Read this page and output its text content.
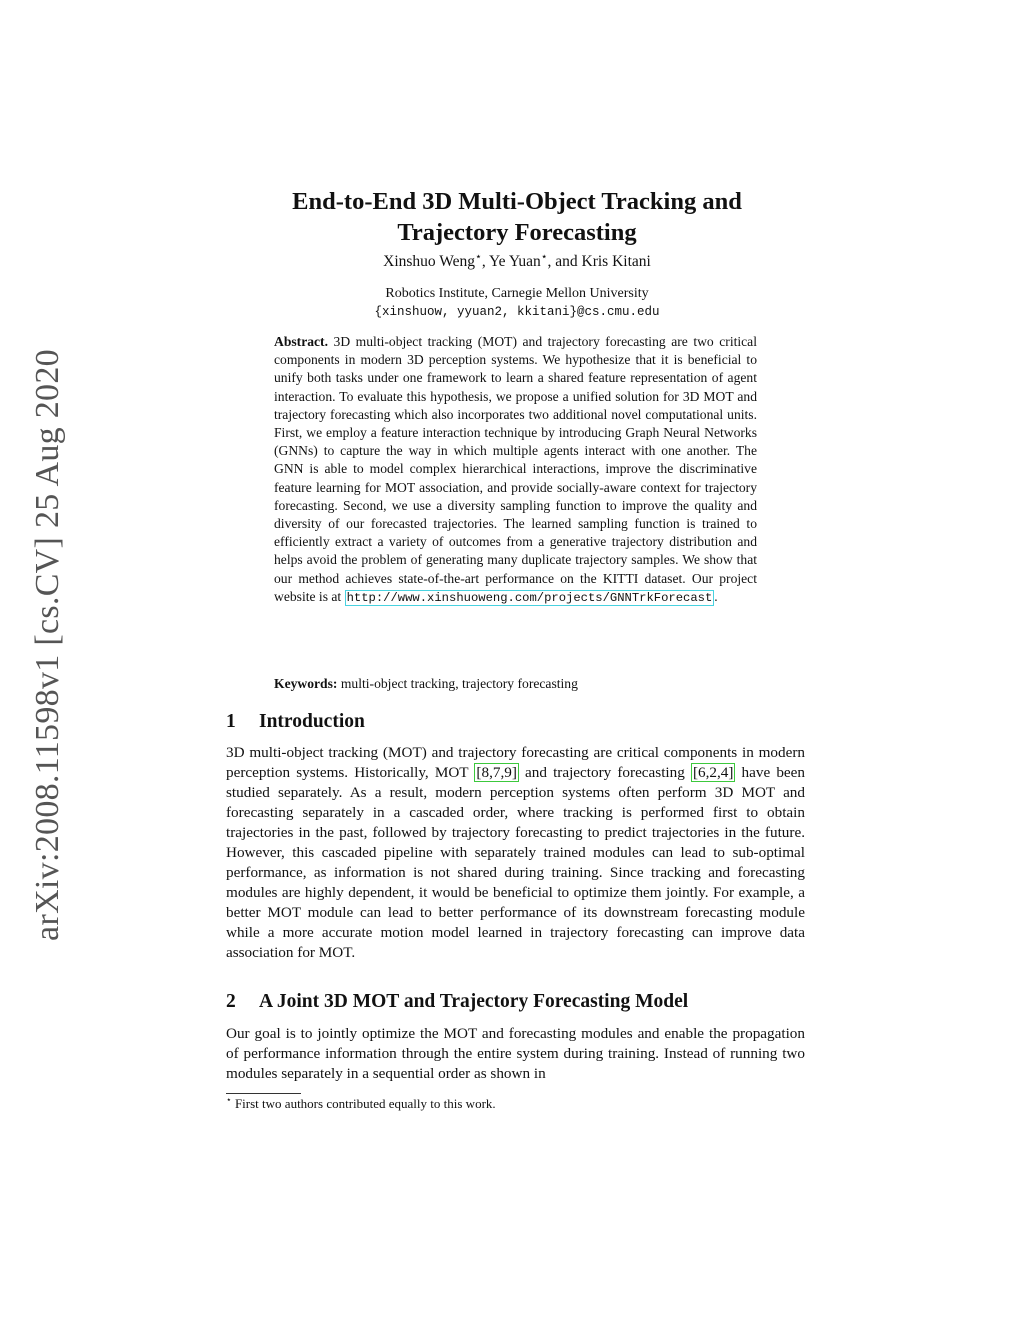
arXiv:2008.11598v1 [cs.CV] 25 Aug 2020
End-to-End 3D Multi-Object Tracking and
Trajectory Forecasting
Xinshuo Weng⋆, Ye Yuan⋆, and Kris Kitani
Robotics Institute, Carnegie Mellon University
{xinshuow, yyuan2, kkitani}@cs.cmu.edu
Abstract. 3D multi-object tracking (MOT) and trajectory forecasting are two critical components in modern 3D perception systems. We hypothesize that it is beneficial to unify both tasks under one framework to learn a shared feature representation of agent interaction. To evaluate this hypothesis, we propose a unified solution for 3D MOT and trajectory forecasting which also incorporates two additional novel computational units. First, we employ a feature interaction technique by introducing Graph Neural Networks (GNNs) to capture the way in which multiple agents interact with one another. The GNN is able to model complex hierarchical interactions, improve the discriminative feature learning for MOT association, and provide socially-aware context for trajectory forecasting. Second, we use a diversity sampling function to improve the quality and diversity of our forecasted trajectories. The learned sampling function is trained to efficiently extract a variety of outcomes from a generative trajectory distribution and helps avoid the problem of generating many duplicate trajectory samples. We show that our method achieves state-of-the-art performance on the KITTI dataset. Our project website is at http://www.xinshuoweng.com/projects/GNNTrkForecast .
Keywords: multi-object tracking, trajectory forecasting
1 Introduction
3D multi-object tracking (MOT) and trajectory forecasting are critical components in modern perception systems. Historically, MOT [8,7,9] and trajectory forecasting [6,2,4] have been studied separately. As a result, modern perception systems often perform 3D MOT and forecasting separately in a cascaded order, where tracking is performed first to obtain trajectories in the past, followed by trajectory forecasting to predict trajectories in the future. However, this cascaded pipeline with separately trained modules can lead to sub-optimal performance, as information is not shared during training. Since tracking and forecasting modules are highly dependent, it would be beneficial to optimize them jointly. For example, a better MOT module can lead to better performance of its downstream forecasting module while a more accurate motion model learned in trajectory forecasting can improve data association for MOT.
2 A Joint 3D MOT and Trajectory Forecasting Model
Our goal is to jointly optimize the MOT and forecasting modules and enable the propagation of performance information through the entire system during training. Instead of running two modules separately in a sequential order as shown in
⋆ First two authors contributed equally to this work.
